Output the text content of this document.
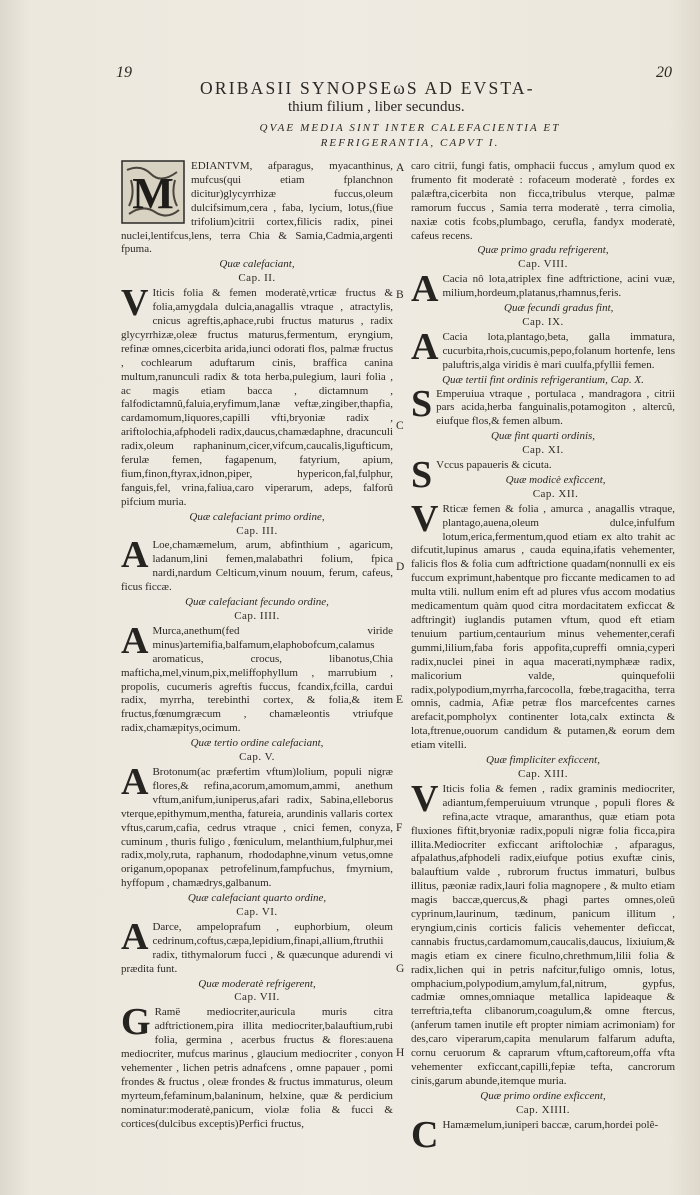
19	20
ORIBASII SYNOPSEωS AD EVSTA-
thium filium , liber secundus.
QVAE MEDIA SINT INTER CALEFACIENTIA ET REFRIGERANTIA, CAPVT I.
A
B
C
D
E
F
G
H

M
EDIANTVM, afparagus, myacanthinus, mufcus(qui etiam fplanchnon dicitur)glycyrrhizæ fuccus,oleum dulcifsimum,cera , faba, lycium, lotus,(fiue trifolium)citrii cortex,filicis radix, pinei nuclei,lentifcus,lens, terra Chia & Samia,Cadmia,argenti fpuma.

Quæ calefaciant,
Cap. II.

V Iticis folia & femen moderatè,vrticæ fructus & folia,amygdala dulcia,anagallis vtraque , atractylis, cnicus agreftis,aphace,rubi fructus maturus , radix glycyrrhizæ,oleæ fructus maturus,fermentum, eryngium, refinæ omnes,cicerbita arida,iunci odorati flos, palmæ fructus , cochlearum aduftarum cinis, braffica canina multum,ranunculi radix & tota herba,pulegium, lauri folia , ac magis etiam bacca , dictamnum , falfodictamnû,faluia,eryfimum,lanæ veftæ,zingiber,thapfia, cardamomum,liquores,capilli vfti,bryoniæ radix , ariftolochia,afphodeli radix,daucus,chamædaphne, dracunculi radix,oleum raphaninum,cicer,vifcum,caucalis,ligufticum, ferulæ femen, fagapenum, fatyrium, apium, fium,finon,ftyrax,idnon,piper, hypericon,fal,fulphur, fanguis,fel, vrina,faliua,caro viperarum, adeps, falforû pifcium muria.

Quæ calefaciant primo ordine,
Cap. III.

A Loe,chamæmelum, arum, abfinthium , agaricum, ladanum,lini femen,malabathri folium, fpica nardi,nardum Celticum,vinum nouum, ferum, cafeus, ficus ficcæ.

Quæ calefaciant fecundo ordine,
Cap. IIII.

A Murca,anethum(fed viride minus)artemifia,balfamum,elaphobofcum,calamus aromaticus, crocus, libanotus,Chia mafticha,mel,vinum,pix,meliffophyllum , marrubium , propolis, cucumeris agreftis fuccus, fcandix,fcilla, cardui radix, myrrha, terebinthi cortex, & folia,& item fructus,fœnumgræcum , chamæleontis vtriufque radix,chamæpitys,ocimum.

Quæ tertio ordine calefaciant,
Cap. V.

A Brotonum(ac præfertim vftum)lolium, populi nigræ flores,& refina,acorum,amomum,ammi, anethum vftum,anifum,iuniperus,afari radix, Sabina,elleborus vterque,epithymum,mentha, fatureia, arundinis vallaris cortex vftus,carum,cafia, cedrus vtraque , cnici femen, conyza, cuminum , thuris fuligo , fœniculum, melanthium,fulphur,mei radix,moly,ruta, raphanum, rhododaphne,vinum vetus,omne origanum,opopanax petrofelinum,fampfuchus, fmyrnium, hyffopum , chamædrys,galbanum.

Quæ calefaciant quarto ordine,
Cap. VI.

A Darce, ampeloprafum , euphorbium, oleum cedrinum,coftus,cæpa,lepidium,finapi,allium,ftruthii radix, tithymalorum fucci , & quæcunque adurendi vi prædita funt.

Quæ moderatè refrigerent,
Cap. VII.

G Ramë mediocriter,auricula muris citra adftrictionem,pira illita mediocriter,balauftium,rubi folia, germina , acerbus fructus & flores:auena mediocriter, mufcus marinus , glaucium mediocriter , conyon vehementer , lichen petris adnafcens , omne papauer , pomi frondes & fructus , oleæ frondes & fructus immaturus, oleum myrteum,fefaminum,balaninum, helxine, quæ & perdicium nominatur:moderatè,panicum, violæ folia & fucci & cortices(dulcibus exceptis)Perfici fructus,

caro citrii, fungi fatis, omphacii fuccus , amylum quod ex frumento fit moderatè : rofaceum moderatè , fordes ex palæftra,cicerbita non ficca,tribulus vterque, palmæ ramorum fuccus , Samia terra moderatè , terra cimolia, naxiæ cotis fcobs,plumbago, cerufla, fandyx moderatè, cafeus recens.

Quæ primo gradu refrigerent,
Cap. VIII.

A Cacia nô lota,atriplex fine adftrictione, acini vuæ, milium,hordeum,platanus,rhamnus,feris.

Quæ fecundi gradus fint,
Cap. IX.

A Cacia lota,plantago,beta, galla immatura, cucurbita,rhois,cucumis,pepo,folanum hortenfe, lens paluftris,alga viridis è mari cuulfa,pfyllii femen.

Quæ tertii fint ordinis refrigerantium, Cap. X.

S Emperuiua vtraque , portulaca , mandragora , citrii pars acida,herba fanguinalis,potamogiton , altercû, eiufque flos,& femen album.

Quæ fint quarti ordinis,
Cap. XI.

S Vccus papaueris & cicuta.

Quæ modicè exficcent,
Cap. XII.

V Rticæ femen & folia , amurca , anagallis vtraque, plantago,auena,oleum dulce,infulfum lotum,erica,fermentum,quod etiam ex alto trahit ac difcutit,lupinus amarus , cauda equina,ifatis vehementer, falicis flos & folia cum adftrictione quadam(nonnulli ex eis fuccum exprimunt,habentque pro ficcante medicamen to ad multa vtili. nullum enim eft ad plures vfus accom modatius medicamentum quàm quod citra mordacitatem exficcat & adftringit) iuglandis putamen vftum, quod eft etiam tenuium partium,centaurium minus vehementer,cerafi gummi,lilium,faba foris appofita,cupreffi omnia,cyperi radix,nuclei pinei in aqua macerati,nymphææ radix, malicorium valde, quinquefolii radix,polypodium,myrrha,farcocolla, fœbe,tragacitha, terra omnis, cadmia, Afiæ petræ flos marcefcentes carnes arefacit,pompholyx continenter lota,calx extincta & lota,ftrenue,ouorum candidum & putamen,& eorum dem etiam vitelli.

Quæ fimpliciter exficcent,
Cap. XIII.

V Iticis folia & femen , radix graminis mediocriter, adiantum,femperuiuum vtrunque , populi flores & refina,acte vtraque, amaranthus, quæ etiam pota fluxiones fiftit,bryoniæ radix,populi nigræ folia ficca,pira illita.Mediocriter exficcant ariftolochiæ , afparagus, afpalathus,afphodeli radix,eiufque potius exuftæ cinis, balauftium valde , rubrorum fructus immaturi, bulbus illitus, pæoniæ radix,lauri folia magnopere , & multo etiam magis baccæ,quercus,& phagi partes omnes,oleû cyprinum,laurinum, tædinum, panicum illitum , eryngium,cinis corticis falicis vehementer deficcat, cannabis fructus,cardamomum,caucalis,daucus, lixiuium,& magis etiam ex cinere ficulno,chrethmum,lilii folia & radix,lichen qui in petris nafcitur,fuligo omnis, lotus, omphacium,polypodium,amylum,fal,nitrum, gypfus, cadmiæ omnes,omniaque metallica lapideaque & terreftria,tefta clibanorum,coagulum,& omne ftercus,(anferum tamen inutile eft propter nimiam acrimoniam) for des,caro viperarum,capita menularum falfarum adufta, cornu ceruorum & caprarum vftum,caftoreum,offa vfta vehementer exficcant,capilli,fepiæ tefta, cancrorum cinis,garum abunde,itemque muria.

Quæ primo ordine exficcent,
Cap. XIIII.

C Hamæmelum,iuniperi baccæ, carum,hordei polê-
